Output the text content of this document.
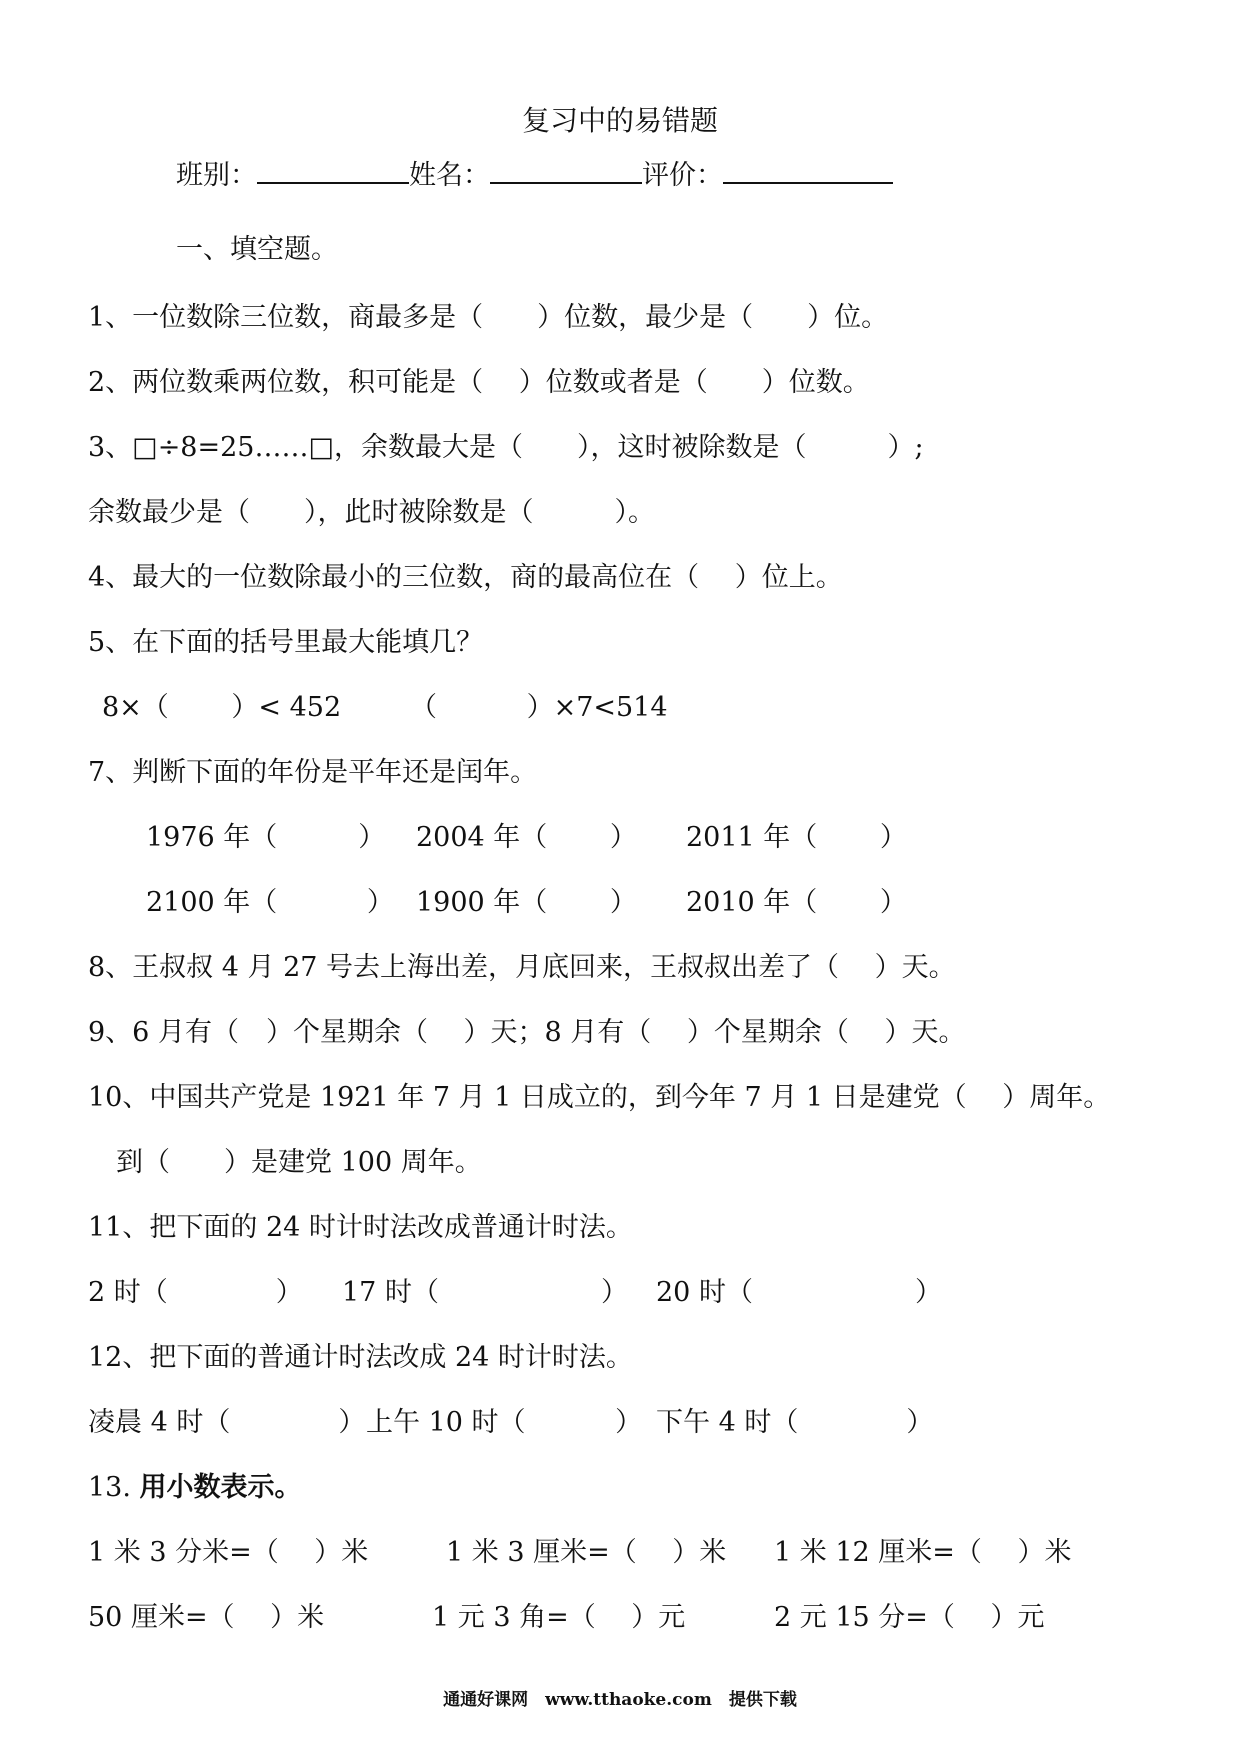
复习中的易错题
班别：	姓名：	评价：
一、填空题。
1、一位数除三位数，商最多是（　　）位数，最少是（　　）位。
2、两位数乘两位数，积可能是（　 ）位数或者是（　　）位数。
3、□÷8=25……□，余数最大是（　　），这时被除数是（　　　）;
余数最少是（　　），此时被除数是（　　　）。
4、最大的一位数除最小的三位数，商的最高位在（　 ）位上。
5、在下面的括号里最大能填几？
8×（　　 ）< 452	（　　　 ）×7<514
7、判断下面的年份是平年还是闰年。
1976 年（　　　） 2004 年（　　 ） 2011 年（　　 ）
2100 年（　　　 ） 1900 年（　　 ） 2010 年（　　 ）
8、王叔叔 4 月 27 号去上海出差，月底回来，王叔叔出差了（　 ）天。
9、6 月有（　）个星期余（　 ）天；8 月有（　 ）个星期余（　 ）天。
10、中国共产党是 1921 年 7 月 1 日成立的，到今年 7 月 1 日是建党（　 ）周年。
到（　　）是建党 100 周年。
11、把下面的 24 时计时法改成普通计时法。
2 时（　　　　） 17 时（　　　　　　） 20 时（　　　　　　）
12、把下面的普通计时法改成 24 时计时法。
凌晨 4 时（　　　　） 上午 10 时（　　　 ） 下午 4 时（　　　　）
13. 用小数表示。
1 米 3 分米=（　 ）米	1 米 3 厘米=（　 ）米 1 米 12 厘米=（　 ）米
50 厘米=（　 ）米	1 元 3 角=（　 ）元	2 元 15 分=（　 ）元
通通好课网　www.tthaoke.com　提供下载
